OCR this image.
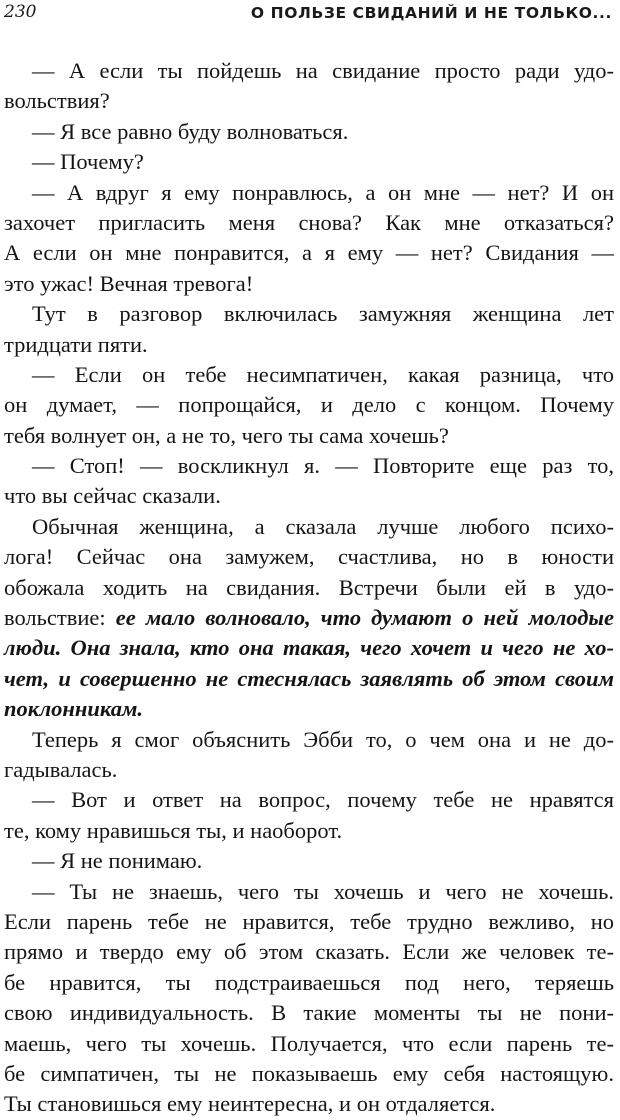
230	О ПОЛЬЗЕ СВИДАНИЙ И НЕ ТОЛЬКО...
— А если ты пойдешь на свидание просто ради удо-
вольствия?
— Я все равно буду волноваться.
— Почему?
— А вдруг я ему понравлюсь, а он мне — нет? И он
захочет пригласить меня снова? Как мне отказаться?
А если он мне понравится, а я ему — нет? Свидания —
это ужас! Вечная тревога!
Тут в разговор включилась замужняя женщина лет
тридцати пяти.
— Если он тебе несимпатичен, какая разница, что
он думает, — попрощайся, и дело с концом. Почему
тебя волнует он, а не то, чего ты сама хочешь?
— Стоп! — воскликнул я. — Повторите еще раз то,
что вы сейчас сказали.
Обычная женщина, а сказала лучше любого психо-
лога! Сейчас она замужем, счастлива, но в юности
обожала ходить на свидания. Встречи были ей в удо-
вольствие: ее мало волновало, что думают о ней молодые
люди. Она знала, кто она такая, чего хочет и чего не хо-
чет, и совершенно не стеснялась заявлять об этом своим
поклонникам.
Теперь я смог объяснить Эбби то, о чем она и не до-
гадывалась.
— Вот и ответ на вопрос, почему тебе не нравятся
те, кому нравишься ты, и наоборот.
— Я не понимаю.
— Ты не знаешь, чего ты хочешь и чего не хочешь.
Если парень тебе не нравится, тебе трудно вежливо, но
прямо и твердо ему об этом сказать. Если же человек те-
бе нравится, ты подстраиваешься под него, теряешь
свою индивидуальность. В такие моменты ты не пони-
маешь, чего ты хочешь. Получается, что если парень те-
бе симпатичен, ты не показываешь ему себя настоящую.
Ты становишься ему неинтересна, и он отдаляется.
